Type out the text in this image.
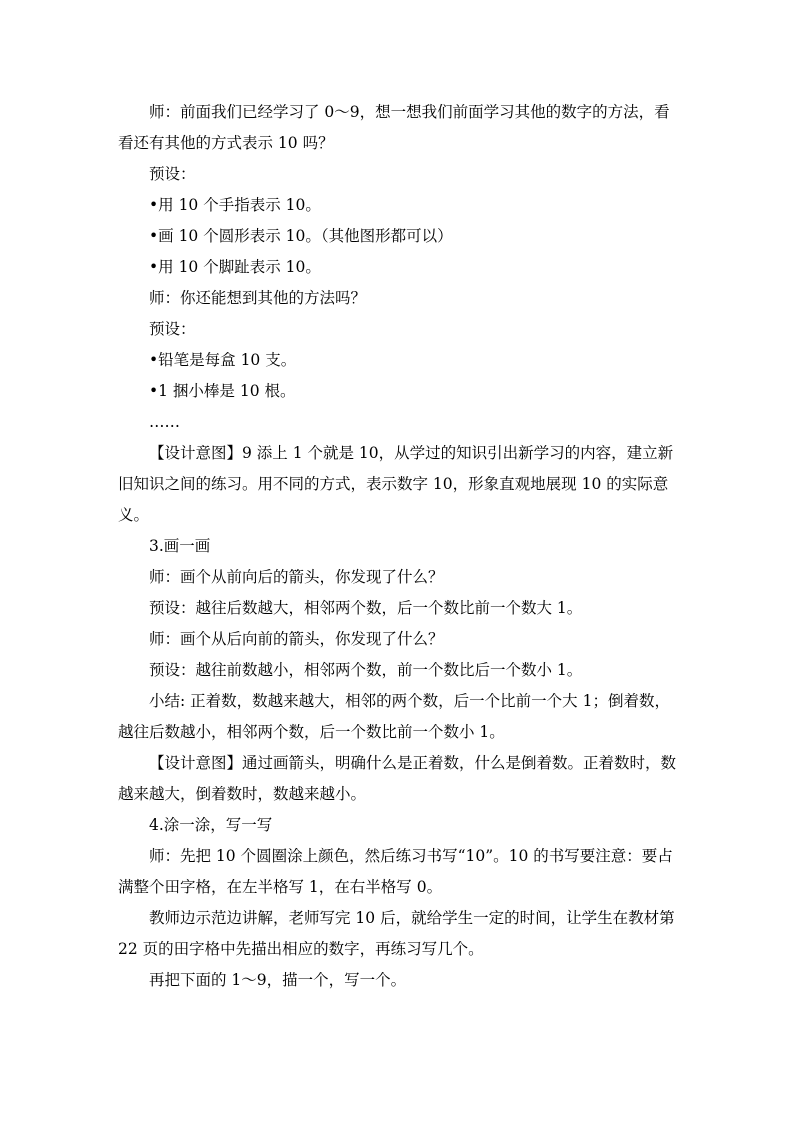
师：前面我们已经学习了 0～9，想一想我们前面学习其他的数字的方法，看看还有其他的方式表示 10 吗？

预设：

•用 10 个手指表示 10。

•画 10 个圆形表示 10。（其他图形都可以）

•用 10 个脚趾表示 10。

师：你还能想到其他的方法吗？

预设：

•铅笔是每盒 10 支。

•1 捆小棒是 10 根。

……

【设计意图】9 添上 1 个就是 10，从学过的知识引出新学习的内容，建立新旧知识之间的练习。用不同的方式，表示数字 10，形象直观地展现 10 的实际意义。

3.画一画

师：画个从前向后的箭头，你发现了什么？

预设：越往后数越大，相邻两个数，后一个数比前一个数大 1。

师：画个从后向前的箭头，你发现了什么？

预设：越往前数越小，相邻两个数，前一个数比后一个数小 1。

小结: 正着数，数越来越大，相邻的两个数，后一个比前一个大 1；倒着数，越往后数越小，相邻两个数，后一个数比前一个数小 1。

【设计意图】通过画箭头，明确什么是正着数，什么是倒着数。正着数时，数越来越大，倒着数时，数越来越小。

4.涂一涂，写一写

师：先把 10 个圆圈涂上颜色，然后练习书写“10”。10 的书写要注意：要占满整个田字格，在左半格写 1，在右半格写 0。

教师边示范边讲解，老师写完 10 后，就给学生一定的时间，让学生在教材第 22 页的田字格中先描出相应的数字，再练习写几个。

再把下面的 1～9，描一个，写一个。
